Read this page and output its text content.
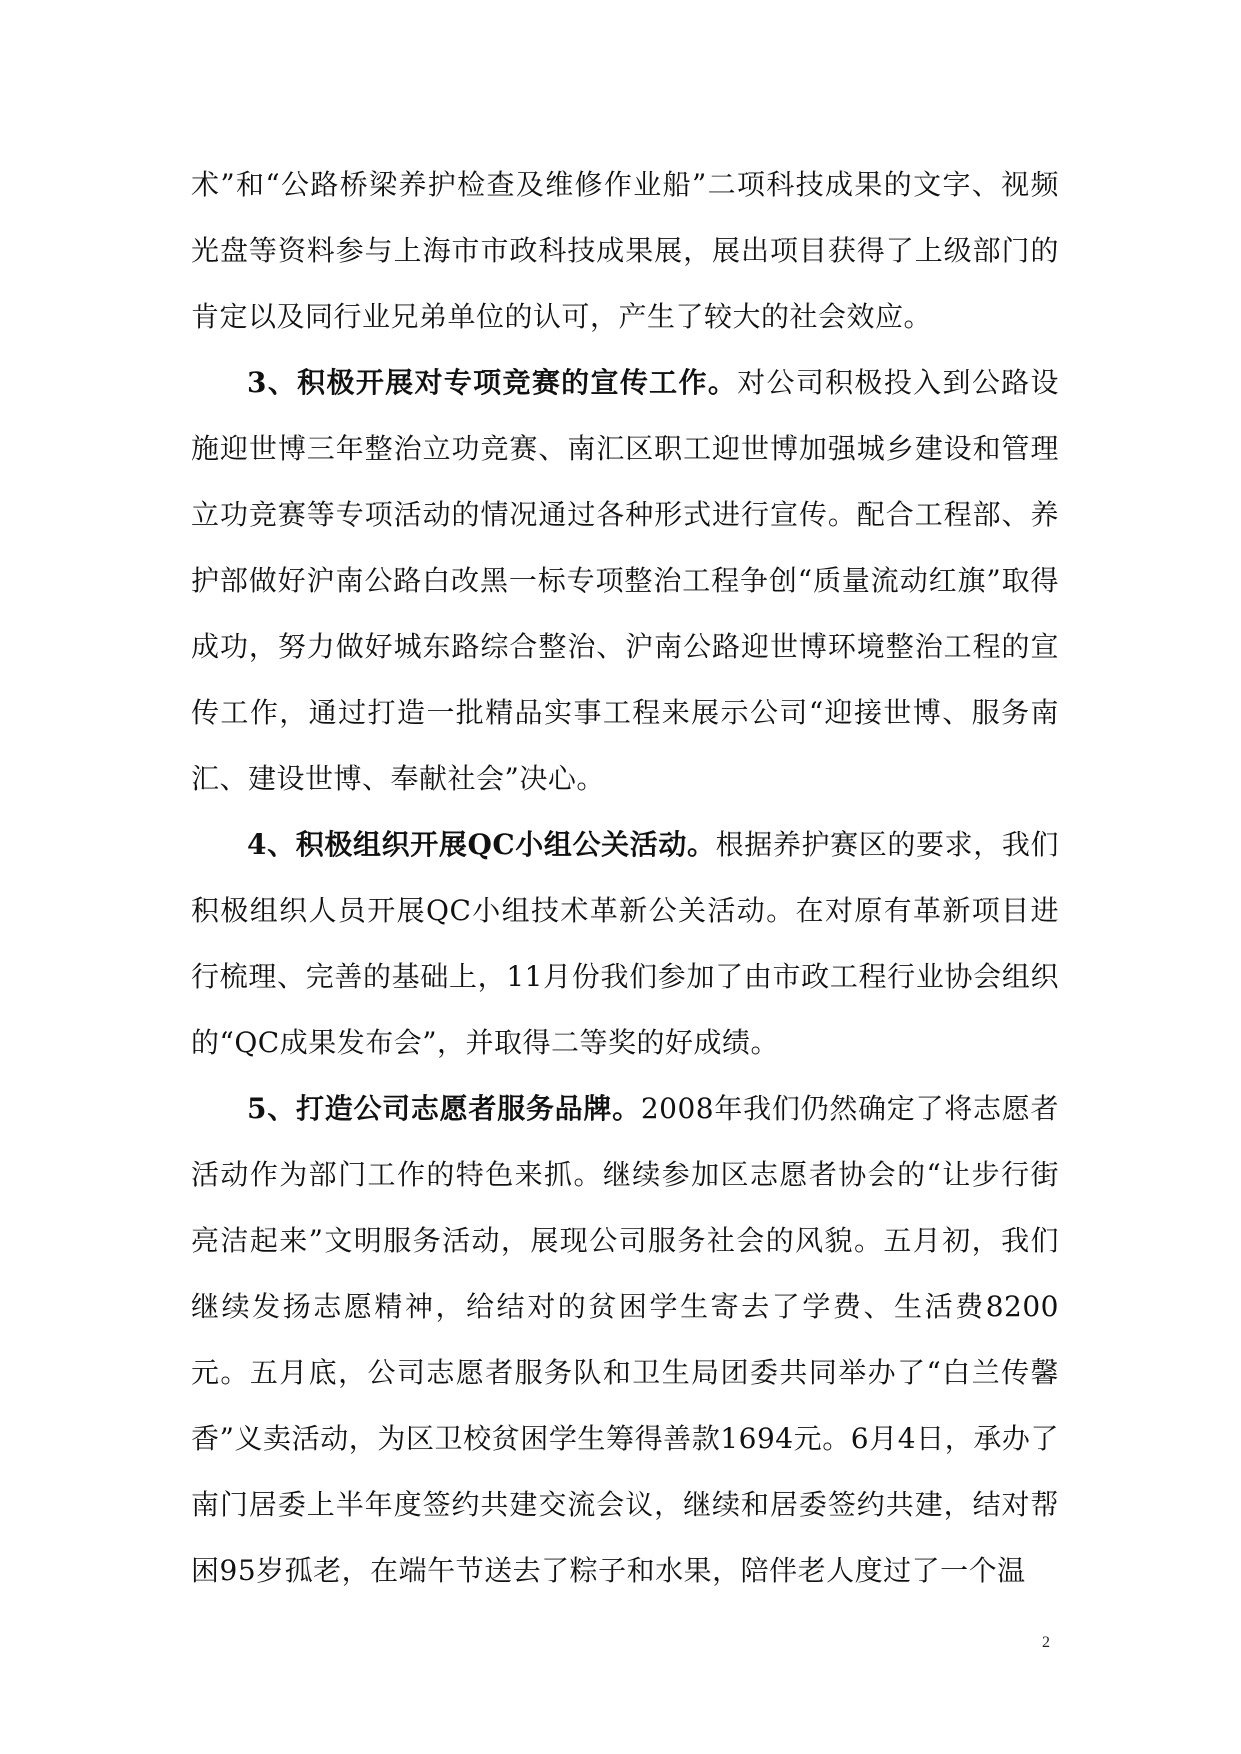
术”和“公路桥梁养护检查及维修作业船”二项科技成果的文字、视频光盘等资料参与上海市市政科技成果展，展出项目获得了上级部门的肯定以及同行业兄弟单位的认可，产生了较大的社会效应。

3、积极开展对专项竞赛的宣传工作。对公司积极投入到公路设施迎世博三年整治立功竞赛、南汇区职工迎世博加强城乡建设和管理立功竞赛等专项活动的情况通过各种形式进行宣传。配合工程部、养护部做好沪南公路白改黑一标专项整治工程争创“质量流动红旗”取得成功，努力做好城东路综合整治、沪南公路迎世博环境整治工程的宣传工作，通过打造一批精品实事工程来展示公司“迎接世博、服务南汇、建设世博、奉献社会”决心。

4、积极组织开展QC小组公关活动。根据养护赛区的要求，我们积极组织人员开展QC小组技术革新公关活动。在对原有革新项目进行梳理、完善的基础上，11月份我们参加了由市政工程行业协会组织的“QC成果发布会”，并取得二等奖的好成绩。

5、打造公司志愿者服务品牌。2008年我们仍然确定了将志愿者活动作为部门工作的特色来抓。继续参加区志愿者协会的“让步行街亮洁起来”文明服务活动，展现公司服务社会的风貌。五月初，我们继续发扬志愿精神，给结对的贫困学生寄去了学费、生活费8200元。五月底，公司志愿者服务队和卫生局团委共同举办了“白兰传馨香”义卖活动，为区卫校贫困学生筹得善款1694元。6月4日，承办了南门居委上半年度签约共建交流会议，继续和居委签约共建，结对帮困95岁孤老，在端午节送去了粽子和水果，陪伴老人度过了一个温

2
